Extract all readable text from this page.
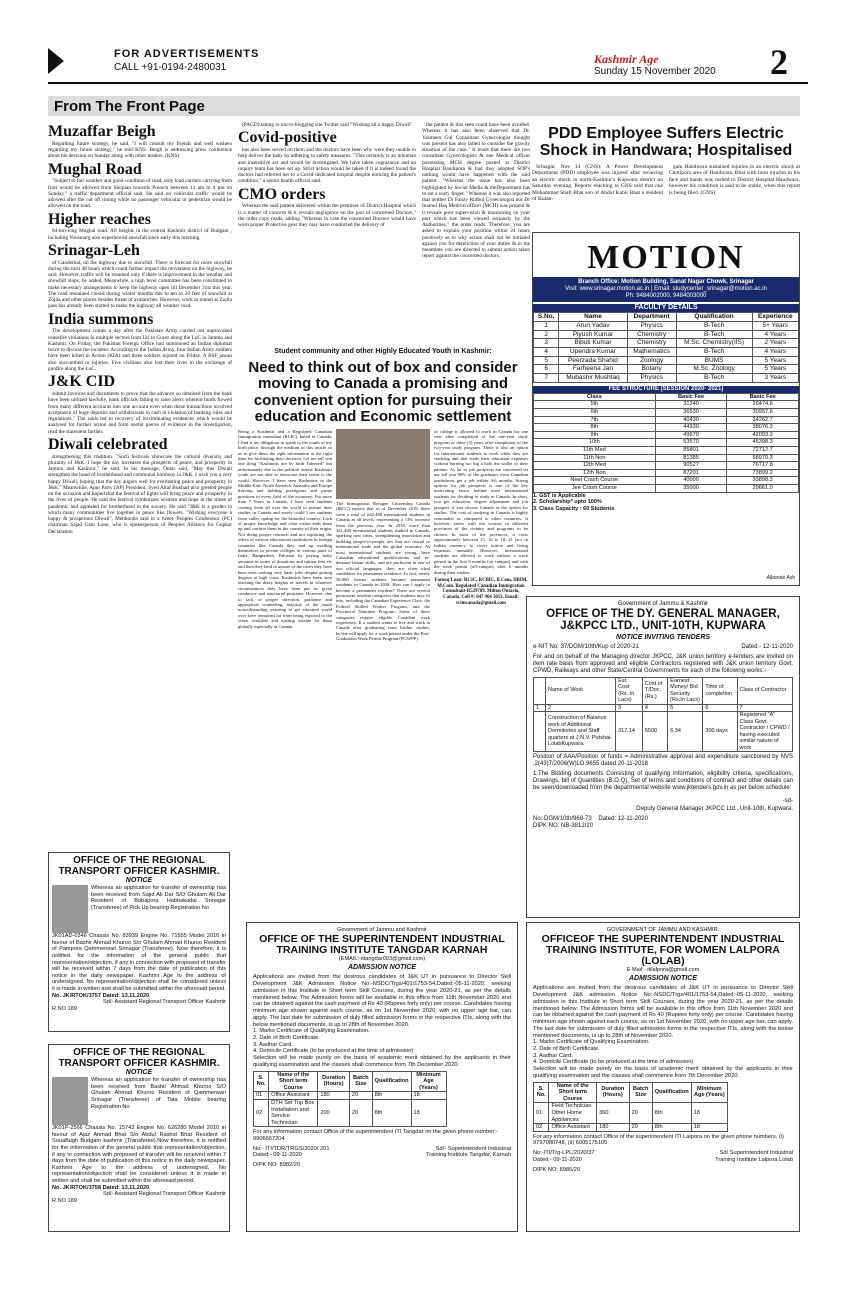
FOR ADVERTISEMENTS
CALL +91-0194-2480031
Kashmir Age
Sunday 15 November 2020	2
From The Front Page
Muzaffar Beigh
Regarding future strategy, he said, "I will consult my friends and well wishers regarding my future strategy," he told KNS. Beigh is addressing press conference about his decision on Sunday along with other leaders. (KNS)
Mughal Road
"Subject to fair weather and good condition of road, only load carriers carrying fresh fruit would be allowed from Shopian towards Poonch between 11 am to 4 pm on Sunday," a traffic department official said. He said no vehicular traffic would be allowed after the cut off timing while no passenger vehicular or pedestrian would be allowed on the road.
Higher reaches
84-km-long Mughal road. All heights in the central Kashmir district of Budgam , including Yousmarg also experienced snowfall since early this morning.
Srinagar-Leh
of Ganderbal, on the highway due to snowfall. There is forecast for more snowfall during the next 48 hours which could further impact the movement on the highway, he said. However, traffic will be resumed only if there is improvement in the weather and snowfall stops, he added. Meanwhile, a high level committee has been constituted to make necessary arrangements to keep the highway open till December 31st this year. The road remained closed during winter months due to ten to 20 feet of snowfall at Zojila and other places besides threat of avalanches. However, work in tunnel at Zojila pass has already been started to make the highway all weather road.
India summons
The development comes a day after the Pakistan Army carried out unprovoked ceasefire violations in multiple sectors from Uri to Gurez along the LoC in Jammu and Kashmir. On Friday, the Pakistan Foreign Office had summoned an Indian diplomat twice to discuss the incident. According to the Indian Army, four Indian Army soldiers have been killed in Action (KIA) and three soldiers injured on Friday. A BSF jawan also succumbed to injuries. Five civilians also lost their lives in the exchange of gunfire along the LoC.
J&K CID
submit invoices and documents to prove that the advance so obtained from the bank have been utilized lawfully, bank officials failing to raise alerts wherein funds flowed from many different accounts into one account even when these transactions involved acceptance of huge deposits and withdrawals in cash in violation of banking rules and regulations." The raids led to recovery of incriminating evidences which would be analysed for further action and form useful pieces of evidence in the investigation, read the statement further.
Diwali celebrated
strengthening this tradition. "Such festivals showcase the cultural diversity and plurality of J&K. I hope the day increases the prospects of peace, and prosperity in Jammu and Kashmir," he said. In his message, Omar said, "May this Diwali strengthen the bond of brotherhood and communal harmony in J&K. I wish you a very happy Diwali, hoping that the day augurs well for everlasting peace and prosperity in J&K." Meanwhile, Apni Party (AP) President, Syed Altaf Bukhari also greeted people on the occasion and hoped that the festival of lights will bring peace and prosperity in the lives of people. He said the festival symbolizes wisdom and hope in the times of pandemic and appealed for brotherhood in the society. He said "J&K is a garden in which many communities live together in peace like flowers. "Wishing everyone a happy & prosperous Diwali", Mehbooba said in a tweet. Peoples Conference (PC) chairman Sajad Gani Lone, who is spokesperson of Peoples Alliance for Gupkar Declaration
(PAGD) taking to micro-blogging site Twitter said "Wishing all a happy Diwali".
Covid-positive
has also been served on them and the doctors have been why were they unable to help deliver the baby by adhering to safety measures. "This certainly is an inhuman and insensitive act and would be investigated. We have taken cognizance and an inquiry team has been set up. Strict action would be taken if it is indeed found the doctors had referred her to a Covid-dedicated hospital despite noticing the patient's condition," a senior health official said.
CMO orders
Whereas the said patient delivered within the premises of District Hospital which is a matter of concern & it reveals negligence on the part of concerned Doctors," the order copy reads, adding "Whereas in case the concerned Doctors would have worn proper Protective gear they may have conducted the delivery of
the patient & this seen could have been avoided. Whereas it has also been observed that Dr. Yasmeen Gul Consultant Gynecologist thought was present has also failed to consider the gravity situation of the case." It reads that there are two consultant Gynecologists & one Medical officer possessing MCH degree posted at District Hospital Bandipora & had they adopted SOP's nothing would have happened with the said patient. "Whereas the issue has also been highlighted by Social Media & theDepartment has to eat a sorry finger. "Whereas it was also reported that neither Dr Fanzy Rufbul Gynecologist nor Dr Inamul Haq Medical officer (MCH) was present & it reveals poor supervision & monitoring on your part which has been viewed seriously by the Authorities," the order reads. Therefore, you are asked to explain your position within 24 hours positively as to why action shall not be initiated against you for dereliction of your duties & in the meantime you are directed to submit action taken report against the concerned doctors.
Student community and other Highly Educated Youth in Kashmir:
Need to think out of box and consider moving to Canada a promising and convenient option for pursuing their education and Economic settlement
Being a Kashmiri and a Regulated Canadian Immigration consultant (RCIC), based in Canada, I find it my obligation to speak to the youth of my birth place, through the medium of this article so as to give them the right information at the right time for facilitating their decision. Let me tell you one thing "Kashmiris are by birth Talented" but unfortunately due to the political unrest, Kashmiri youth are not able to showcase their talent to the world. However, I have seen Kashmiris in the Middle-East, North America, Australia and Europe thriving and holding prestigious and prime positions in every field of the economy. For more than 7 Years in Canada, I have seen students coming from all over the world to pursue their studies in Canada and surely could I see students from valley opting for the beautiful country. Lack of proper knowledge and clear vision ends them up and confuse them in the country of their origin. Not doing proper research and not exploring the offers of various educational institutions in foreign countries like Canada they end up availing themselves in private colleges in various parts of India, Bangladesh, Pakistan by paying hefty amounts in terms of donations and tuition fees etc and then they land in unsure of the cases they have been seen seeking very basic jobs despite getting degrees at high costs. Kashmiris have been seen teaching the dizzy heights of travels in whatever circumstances they have been put in, given conducive and structured positions. However, due to lack of proper direction, guidance and appropriate counseling, majority of the youth notwithstanding yearning to get educated world over have remained far from being exposed to the vistas available and waiting outside for them globally especially in Canada.
The Immigration Refugee Citizenship Canada (IRCC) reports that as of December 2019, there were a total of 642,480 international students in Canada at all levels, representing a 13% increase from the previous year. In 2018, more than 341,490 international students studied in Canada, sparking new ideas, strengthening innovation and building people-to-people ties that are crucial to international trade and the global economy. As most international students are young, have Canadian educational qualifications and in-demand labour skills, and are proficient in one of our official languages, they are often ideal candidates for permanent residence. In fact, nearly 58,000 former students became permanent residents in Canada in 2018. How can I apply to become a permanent resident? There are several permanent resident categories that students may fit into, including the Canadian Experience Class, the Federal Skilled Worker Program, and the Provincial Nominee Program. Some of these categories require eligible Canadian work experience. If a student wants to live and work in Canada after graduating from his/her studies, he/she will apply for a work permit under the Post-Graduation Work Permit Program (PGWPP).
or college is allowed to work in Canada for one year after completion of the one-year study program or three (3) years after completion of the two-year study program. There is also an option for international students to work while they are studying and that feeds their education expenses without burning too big a hole the wallet of their parents. As far as job prospects are concerned let me tell you 90% of the graduates from Canadian institutions get a job within 4-6 months. Strong options for job prospects is one of the key motivating factor behind most international students for deciding to study in Canada. In short, you get education, degree adjustment and job prospect if you choose Canada as the option for studies. The cost of studying in Canada is highly reasonable as compared to other countries. It however varies with the courses in different provinces of the country and programs to be chosen. In most of the provinces, it costs approximately between 15, 16 to 18, 21 lacs in Indian currency to cover tuition and living expenses annually. However, International students are allowed to work without a work permit in the first 6 months (on campus) and with the work permit (off-campus) after 6 months during their studies.
Farooq Loan: RCIC, RCBIC, B.Com, DBIM, M.Com. Regulated Canadian Immigration Consultant-R529789. Milton Ontario, Canada. Cell #: 647 964 5053. Email: rcimcanada@gmail.com
PDD Employee Suffers Electric Shock in Handwara; Hospitalised
Srinagar, Nov 14 (GNS): A Power Development Department (PDD) employee was injured after recieving an electric shock in north-Kashmir's Kupwara district on Saturday evening. Reports reaching to GNS said that one Mohammad Shafi Bhat son of Abdul Kabir Bhat a resident of Kulan-
gam Handwara sustained injuries in an electric shock at Chotipora area of Handwara. Bhat with burn injuries in his face and hands was rushed to District Hospital Handwara, however his condition is said to be stable, when this report is being filed. (GNS)
MOTION
Branch Office: Motion Building, Sanat Nagar Chowk, Srinagar
Visit: www.srinagar.motion.ac.in | Email: studycenter_srinagar@motion.ac.in
Ph: 9484002000, 9484003000
FACULTY DETAILS
S.No.	Name	Department	Qualification	Experience
1	Arun Yadav	Physics	B-Tech	5+ Years
2	Piyush Kumar	Chemistry	B-Tech	4 Years
3	Bibuti Kumar	Chemistry	M.Sc. Chemistry(IIS)	2 Years
4	Upendra Kumar	Mathematics	B-Tech	4 Years
5	Peerzada Shahid	Zoology	BUMS	5 Years
6	Farheena Jan	Botany	M.Sc. Zoology	5 Years
7	Mubashir Mushtaq	Physics	B-Tech	3 Years
FEE STRUCTURE (SESSION 2020- 2021)
Class	Basic Fee	Basic Fee
5th	31240	26474.6
6th	36530	30957.6
7th	40430	34262.7
8th	44930	38076.3
9th	49670	42093.2
10th	53570	45398.3
11th Med	85801	72712.7
11th Non	81385	68970.3
12th Med	90527	76717.8
12th Non	87201	73899.2
Neet Crash Course	40000	33898.3
Jee Crash Course	35000	29661.0
1. GST is Applicable
2. Scholarship* upto 100%
3. Class Capacity : 60 Students
Alborote Ads
Government of Jammu & Kashmir
OFFICE OF THE DY. GENERAL MANAGER, J&KPCC LTD., UNIT-10TH, KUPWARA
NOTICE INVITING TENDERS
e-NIT No: 37/DGM/10th/Kup of 2020-21	Dated:- 12-11-2020
For and on behalf of the Managing director JKPCC, J&K union territory e-tenders are invited on item rate basis from approved and eligible Contractors registered with J&K union territory Govt. CPWD, Railways and other State/Central Governments for each of the following works:-
	Name of Work	Est. Cost (Rs. In Lacs)	Cost of T/Doc. (Rs.)	Earnest Money/ Bid Security (Rs.In Lacs)	Time of completion	Class of Contractor
1	2	3	4	5	6	7
	Construction of Balance work of Additional Dormitories and Staff quarters at J.N.V. Putshai-LolabKupwara.	317.14	5500	6.34	300 days	Registered "A" Class Govt. Contractor / CPWD / having executed similar nature of work
Position of AAA/Position of funds = Administrative approval and expenditure sanctioned by NVS ,2(43)7/2006(W)LD.9655 dated 20-11-2018
1.The Bidding documents Consisting of qualifying information, eligibility criteria, specifications, Drawings, bill of Quantities (B.O.Q), Set of terms and conditions of contract and other details can be seen/downloaded from the departmental website www.jktenders.gov.in as per below schedule:
-sd-
Deputy General Manager JKPCC Ltd., Unit-10th, Kupwara.
No: DGM/10th/968-73 Dated: 12-11-2020
DIPK NO: NB-3812/20
OFFICE OF THE REGIONAL TRANSPORT OFFICER KASHMIR.
NOTICE
Whereas an application for transfer of ownership has been received from Sajid Ali Dar S/O Ghulam Ali Dar Resident of Babapora Habbakadal Srinagar (Transferee) of Pick Up bearing Registration No
JK01AD-0346 Chassis No. 83939 Engine No. 71555 Model 2016 in favour of Bashir Ahmad Khuroo S/o Ghulam Ahmad Khuroo Resident of Pampora Qammerwari Srinagar (Transferee). Now therefore, it is notified for the information of the general public that representation/objection, if any in connection with proposed of transfer will be received within 7 days from the date of publication of this notice in the daily newspaper. Kashmir Age to the address of undersigned. No representation/objection shall be considered unless it is made in written and shall be submitted within the aforesaid period.
No. JK/RTOK/3757 Dated: 13.11.2020
Sd/- Assistant Regional Transport Officer Kashmir
R.NO 189
OFFICE OF THE REGIONAL TRANSPORT OFFICER KASHMIR.
NOTICE
Whereas an application for transfer of ownership has been received from Bashir Ahmad Khuroo S/O Ghulam Ahmad Khuroo Resident of Qammerwari Srinagar (Transferee) of Tata Mobile bearing Registration No
JK01P-2566 Chassis No. 15743 Engine No. 626280 Model 2010 in favour of Ajaz Ahmad Bhat S/o Abdul Rashid Bhat Resident of SouaBugh Budgam kashmir (Transferee).Now therefore, it is notified for the information of the general public that representation/objection, if any in connection with proposed of transfer will be received within 7 days from the date of publication of this notice in the daily newspaper. Kashmir Age to the address of undersigned. No representation/objection shall be considered unless it is made in written and shall be submitted within the aforesaid period.
No. JK/RTOK/3758 Dated: 13.11.2020
Sd/- Assistant Regional Transport Officer Kashmir
R.NO 189
Government of Jammu and Kashmir
OFFICE OF THE SUPERINTENDENT INDUSTRIAL TRAINING INSTITUTE TANGDAR KARNAH
(EMAIL:-ittangdar003@gmail.com)
ADMISSION NOTICE
Applications are invited from the desirous candidates of J&K UT in pursuance to Director Skill Development J&K Admission Notice No:-NSDC/Trgs/401/1753-54,Dated:-05-11-2020, seeking admission in this Institute in Short term Skill Courses, during the year 2020-21, as per the details mentioned below. The Admission forms will be available in this office from 11th November 2020 and can be obtained against the cash payment of Rs 40 (Rupees forty only) per course. Candidates having minimum age shown against each course, as on 1st November 2020, with no upper age bar, can apply. The last date for submission of duly filled admission forms in the respective ITIs, along with the below mentioned documents, is up to 28th of November 2020.
1. Marks Certificate of Qualifying Examination.
2. Date of Birth Certificate.
3. Aadhar Card.
4. Domicile Certificate (to be produced at the time of admission)
Selection will be made purely on the basis of academic merit obtained by the applicants in their qualifying examination and the classes shall commence from 7th December 2020.
S. No.	Name of the Short term Course	Duration (Hours)	Batch Size	Qualification	Minimum Age (Years)
01	Office Assistant	180	20	8th	18
02	DTH Set Top Box Installation and Service Technician	200	20	8th	18
For any information contact Office of the superintendent ITI Tangdar on the given phone number:- 9906667204
No:- ITI/TDR/TRGS/2020/ 201
Dated:- 09-11-2020
Sd/- Superintendent Industrial Training Institute Tangdar, Karnah
DIPK NO: 8982/20
GOVERNMENT OF JAMMU AND KASHMIR.
OFFICEOF THE SUPERINTENDENT INDUSTRIAL TRAINING INSTITUTE, FOR WOMEN LALPORA (LOLAB)
E Mail:- itilalpora@gmail.com
ADMISSION NOTICE
Applications are invited from the desirous candidates of J&K UT in pursuance to Director Skill Development J&K admission Notice No:-NSDC/Trgs/401/1753-54,Dated:-05-11-2020, seeking admission in this Institute in Short term Skill Courses, during the year 2020-21, as per the details mentioned below. The Admission forms will be available in this office from 11th November 2020 and can be obtained against the cash payment of Rs 40 (Rupees forty only) per course. Candidates having minimum age shown against each course, as on 1st November 2020, with no upper age bar, can apply. The last date for submission of duly filled admission forms in the respective ITIs, along with the below mentioned documents, is up to 28th of November 2020.
1. Marks Certificate of Qualifying Examination.
2. Date of Birth Certificate.
3. Aadhar Card.
4. Domicile Certificate (to be produced at the time of admission)
Selection will be made purely on the basis of academic merit obtained by the applicants in their qualifying examination and the classes shall commence from 7th December 2020.
S. No.	Name of the Short term Course	Duration (Hours)	Batch Size	Qualification	Minimum Age (Years)
01	Field Technician Other Home Appliances	360	20	8th	18
02	Office Assistant	180	20	8th	18
For any information contact Office of the superintendent ITI Lalpora on the given phone numbers, (i) 9797080748, (ii) 6005175105
No:-ITI/Trg-LPL/2020/37
Dated:- 09-11-2020
Sd/ Superintendent Industrial Training Institute Lalpora Lolab
DIPK NO: 8986/20
